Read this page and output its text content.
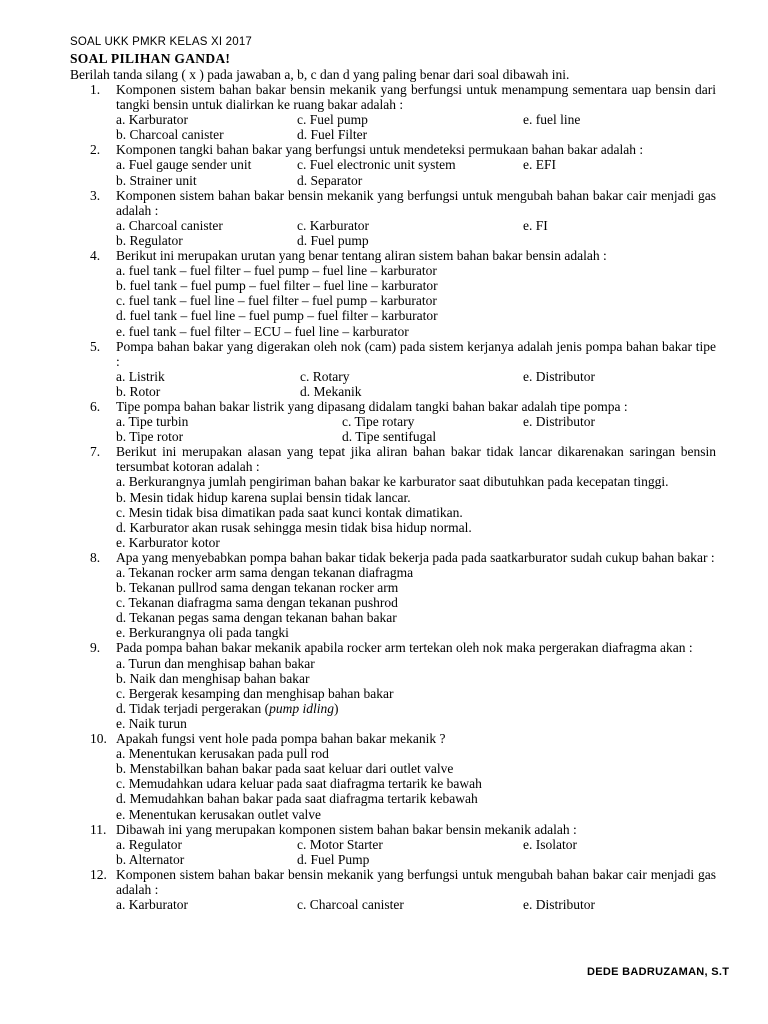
SOAL UKK PMKR KELAS XI 2017
SOAL PILIHAN GANDA!
Berilah tanda silang ( x ) pada jawaban a, b, c dan d yang paling benar dari soal dibawah ini.
1.	Komponen sistem bahan bakar bensin mekanik yang berfungsi untuk menampung sementara uap bensin dari tangki bensin untuk dialirkan ke ruang bakar adalah :
a. Karburator	c. Fuel pump	e. fuel line
b. Charcoal canister	d. Fuel Filter
2.	Komponen tangki bahan bakar yang berfungsi untuk mendeteksi permukaan bahan bakar adalah :
a. Fuel gauge sender unit	c. Fuel electronic unit system	e. EFI
b. Strainer unit	d. Separator
3.	Komponen sistem bahan bakar bensin mekanik yang berfungsi untuk mengubah bahan bakar cair menjadi gas adalah :
a. Charcoal canister	c. Karburator	e. FI
b. Regulator	d. Fuel pump
4.	Berikut ini merupakan urutan yang benar tentang aliran sistem bahan bakar bensin adalah :
a. fuel tank – fuel filter – fuel pump – fuel line – karburator
b. fuel tank – fuel pump – fuel filter – fuel line – karburator
c. fuel tank – fuel line – fuel filter – fuel pump – karburator
d. fuel tank – fuel line – fuel pump – fuel filter – karburator
e. fuel tank – fuel filter – ECU – fuel line – karburator
5.	Pompa bahan bakar yang digerakan oleh nok (cam) pada sistem kerjanya adalah jenis pompa bahan bakar tipe :
a. Listrik	c. Rotary	e. Distributor
b. Rotor	d. Mekanik
6.	Tipe pompa bahan bakar listrik yang dipasang didalam tangki bahan bakar adalah tipe pompa :
a. Tipe turbin	c. Tipe rotary	e. Distributor
b. Tipe rotor	d. Tipe sentifugal
7.	Berikut ini merupakan alasan yang tepat jika aliran bahan bakar tidak lancar dikarenakan saringan bensin tersumbat kotoran adalah :
a. Berkurangnya jumlah pengiriman bahan bakar ke karburator saat dibutuhkan pada kecepatan tinggi.
b. Mesin tidak hidup karena suplai bensin tidak lancar.
c. Mesin tidak bisa dimatikan pada saat kunci kontak dimatikan.
d. Karburator akan rusak sehingga mesin tidak bisa hidup normal.
e. Karburator kotor
8.	Apa yang menyebabkan pompa bahan bakar tidak bekerja pada pada saatkarburator sudah cukup bahan bakar :
a. Tekanan rocker arm sama dengan tekanan diafragma
b. Tekanan pullrod sama dengan tekanan rocker arm
c. Tekanan diafragma sama dengan tekanan pushrod
d. Tekanan pegas sama dengan tekanan bahan bakar
e. Berkurangnya oli pada tangki
9.	Pada pompa bahan bakar mekanik apabila rocker arm tertekan oleh nok maka pergerakan diafragma akan :
a. Turun dan menghisap bahan bakar
b. Naik dan menghisap bahan bakar
c. Bergerak kesamping dan menghisap bahan bakar
d. Tidak terjadi pergerakan (pump idling)
e. Naik turun
10. Apakah fungsi vent hole pada pompa bahan bakar mekanik ?
a. Menentukan kerusakan pada pull rod
b. Menstabilkan bahan bakar pada saat keluar dari outlet valve
c. Memudahkan udara keluar pada saat diafragma tertarik ke bawah
d. Memudahkan bahan bakar pada saat diafragma tertarik kebawah
e. Menentukan kerusakan outlet valve
11. Dibawah ini yang merupakan komponen sistem bahan bakar bensin mekanik adalah :
a. Regulator	c. Motor Starter	e. Isolator
b. Alternator	d. Fuel Pump
12. Komponen sistem bahan bakar bensin mekanik yang berfungsi untuk mengubah bahan bakar cair menjadi gas adalah :
a. Karburator	c. Charcoal canister	e. Distributor
DEDE BADRUZAMAN, S.T
